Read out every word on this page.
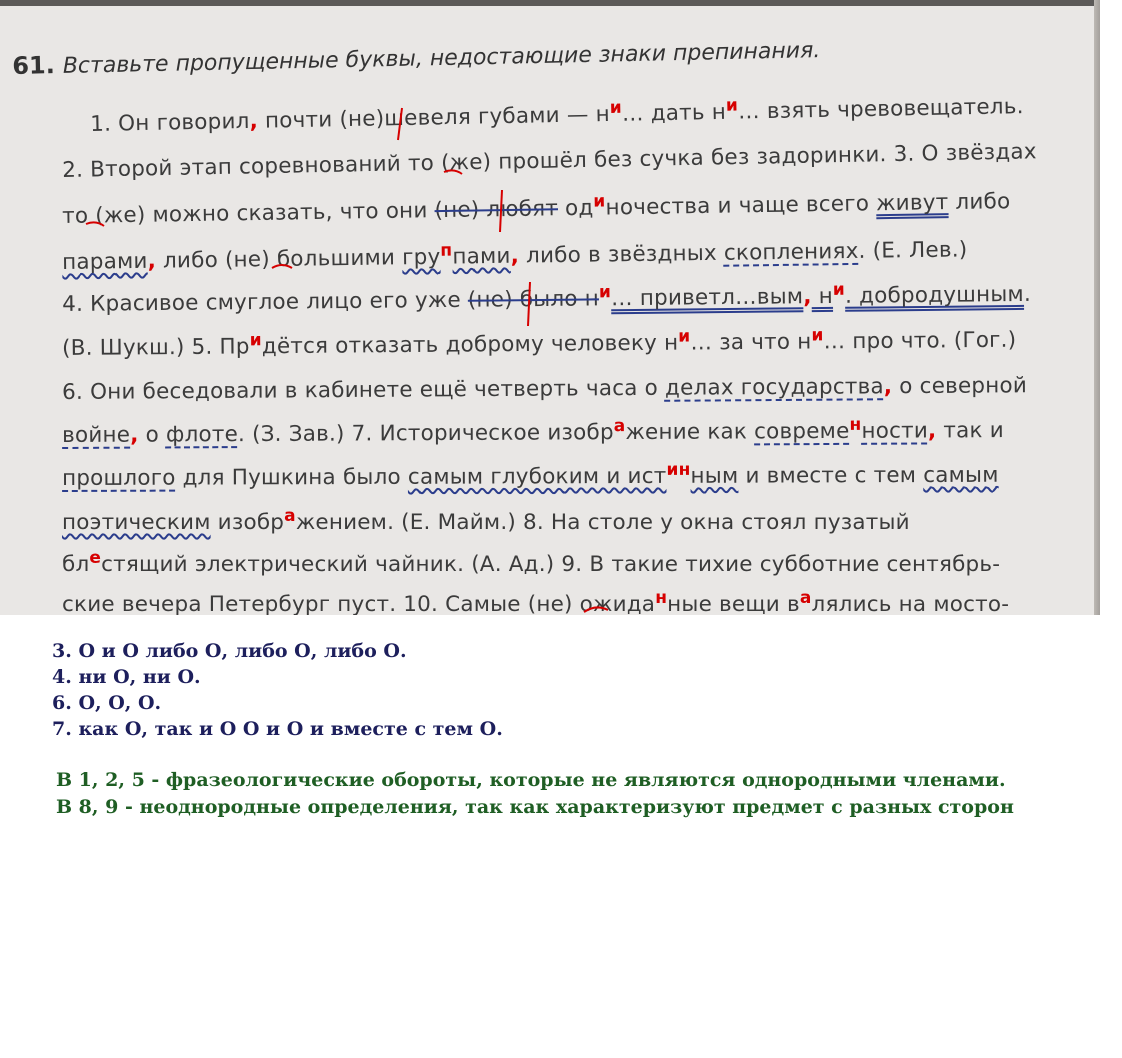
61. Вставьте пропущенные буквы, недостающие знаки препинания.
1. Он говорил, почти (не)шевеля губами — $н^и\dots$ дать $н^и\dots$ взять чревовещатель.
2. Второй этап соревнований то (же) прошёл без сучка без задоринки. 3. О звёздах
то (же) можно сказать, что они (не) любят $од^иночества$ и чаще всего живут либо
парами, либо (не) большими гру$^п$пами, либо в звёздных скоплениях. (Е. Лев.)
4. Красивое смуглое лицо его уже (не) было $н^и\dots$ приветл…вым, $н^и$. добродушным.
(В. Шукш.) 5. $Пр^идётся$ отказать доброму человеку $н^и\dots$ за что $н^и\dots$ про что. (Гог.)
6. Они беседовали в кабинете ещё четверть часа о делах государства, о северной
войне, о флоте. (З. Зав.) 7. Историческое изобр$^а$жение как совреме$^н$ности, так и
прошлого для Пушкина было самым глубоким и ист$^{ин}$ным и вместе с тем самым
поэтическим изобр$^а$жением. (Е. Майм.) 8. На столе у окна стоял пузатый
$бл^естящий$ электрический чайник. (А. Ад.) 9. В такие тихие субботние сентябрь-
ские вечера Петербург пуст. 10. Самые (не) ожида$^н$ные вещи $в^алялись$ на мосто-
3. О и О либо О, либо О, либо О.
4. ни О, ни О.
6. О, О, О.
7. как О, так и О О и О и вместе с тем О.
В 1, 2, 5 - фразеологические обороты, которые не являются однородными членами.
В 8, 9 - неоднородные определения, так как характеризуют предмет с разных сторон
